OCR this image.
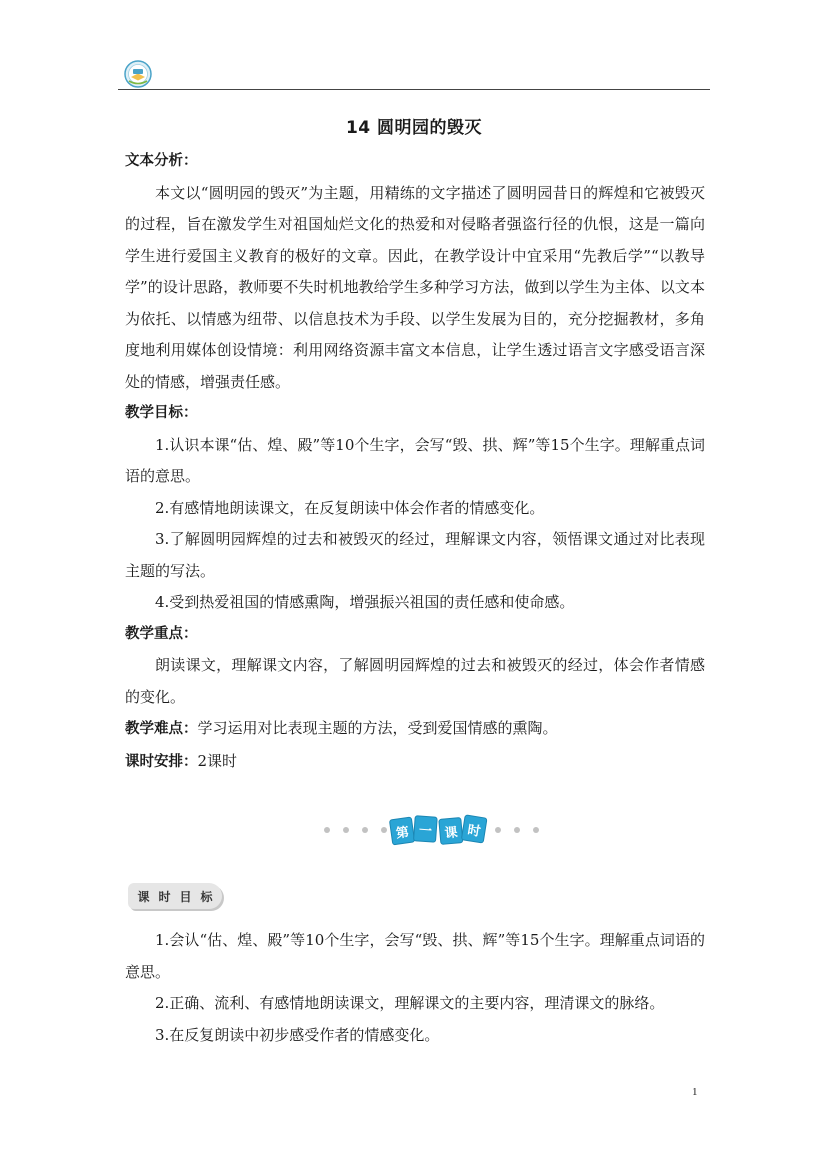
14 圆明园的毁灭

文本分析：

本文以“圆明园的毁灭”为主题，用精练的文字描述了圆明园昔日的辉煌和它被毁灭的过程，旨在激发学生对祖国灿烂文化的热爱和对侵略者强盗行径的仇恨，这是一篇向学生进行爱国主义教育的极好的文章。因此，在教学设计中宜采用“先教后学”“以教导学”的设计思路，教师要不失时机地教给学生多种学习方法，做到以学生为主体、以文本为依托、以情感为纽带、以信息技术为手段、以学生发展为目的，充分挖掘教材，多角度地利用媒体创设情境：利用网络资源丰富文本信息，让学生透过语言文字感受语言深处的情感，增强责任感。

教学目标：

1.认识本课“估、煌、殿”等10个生字，会写“毁、拱、辉”等15个生字。理解重点词语的意思。

2.有感情地朗读课文，在反复朗读中体会作者的情感变化。

3.了解圆明园辉煌的过去和被毁灭的经过，理解课文内容，领悟课文通过对比表现主题的写法。

4.受到热爱祖国的情感熏陶，增强振兴祖国的责任感和使命感。

教学重点：

朗读课文，理解课文内容，了解圆明园辉煌的过去和被毁灭的经过，体会作者情感的变化。

教学难点：学习运用对比表现主题的方法，受到爱国情感的熏陶。

课时安排：2课时

第 一 课 时
课 时 目 标

1.会认“估、煌、殿”等10个生字，会写“毁、拱、辉”等15个生字。理解重点词语的意思。

2.正确、流利、有感情地朗读课文，理解课文的主要内容，理清课文的脉络。

3.在反复朗读中初步感受作者的情感变化。

1
